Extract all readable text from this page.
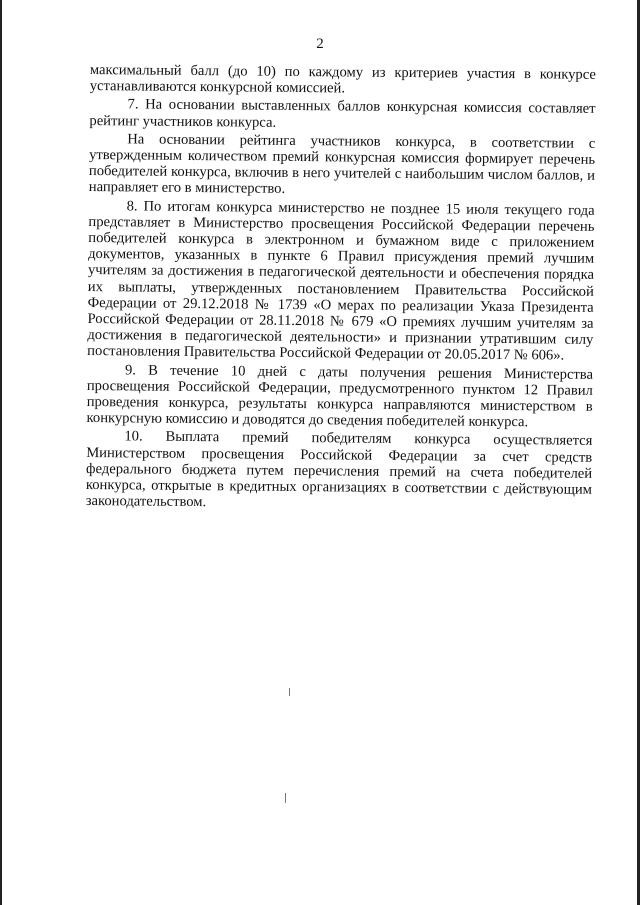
2

максимальный балл (до 10) по каждому из критериев участия в конкурсе устанавливаются конкурсной комиссией.

7. На основании выставленных баллов конкурсная комиссия составляет рейтинг участников конкурса.

На основании рейтинга участников конкурса, в соответствии с утвержденным количеством премий конкурсная комиссия формирует перечень победителей конкурса, включив в него учителей с наибольшим числом баллов, и направляет его в министерство.

8. По итогам конкурса министерство не позднее 15 июля текущего года представляет в Министерство просвещения Российской Федерации перечень победителей конкурса в электронном и бумажном виде с приложением документов, указанных в пункте 6 Правил присуждения премий лучшим учителям за достижения в педагогической деятельности и обеспечения порядка их выплаты, утвержденных постановлением Правительства Российской Федерации от 29.12.2018 № 1739 «О мерах по реализации Указа Президента Российской Федерации от 28.11.2018 № 679 «О премиях лучшим учителям за достижения в педагогической деятельности» и признании утратившим силу постановления Правительства Российской Федерации от 20.05.2017 № 606».

9. В течение 10 дней с даты получения решения Министерства просвещения Российской Федерации, предусмотренного пунктом 12 Правил проведения конкурса, результаты конкурса направляются министерством в конкурсную комиссию и доводятся до сведения победителей конкурса.

10. Выплата премий победителям конкурса осуществляется Министерством просвещения Российской Федерации за счет средств федерального бюджета путем перечисления премий на счета победителей конкурса, открытые в кредитных организациях в соответствии с действующим законодательством.
